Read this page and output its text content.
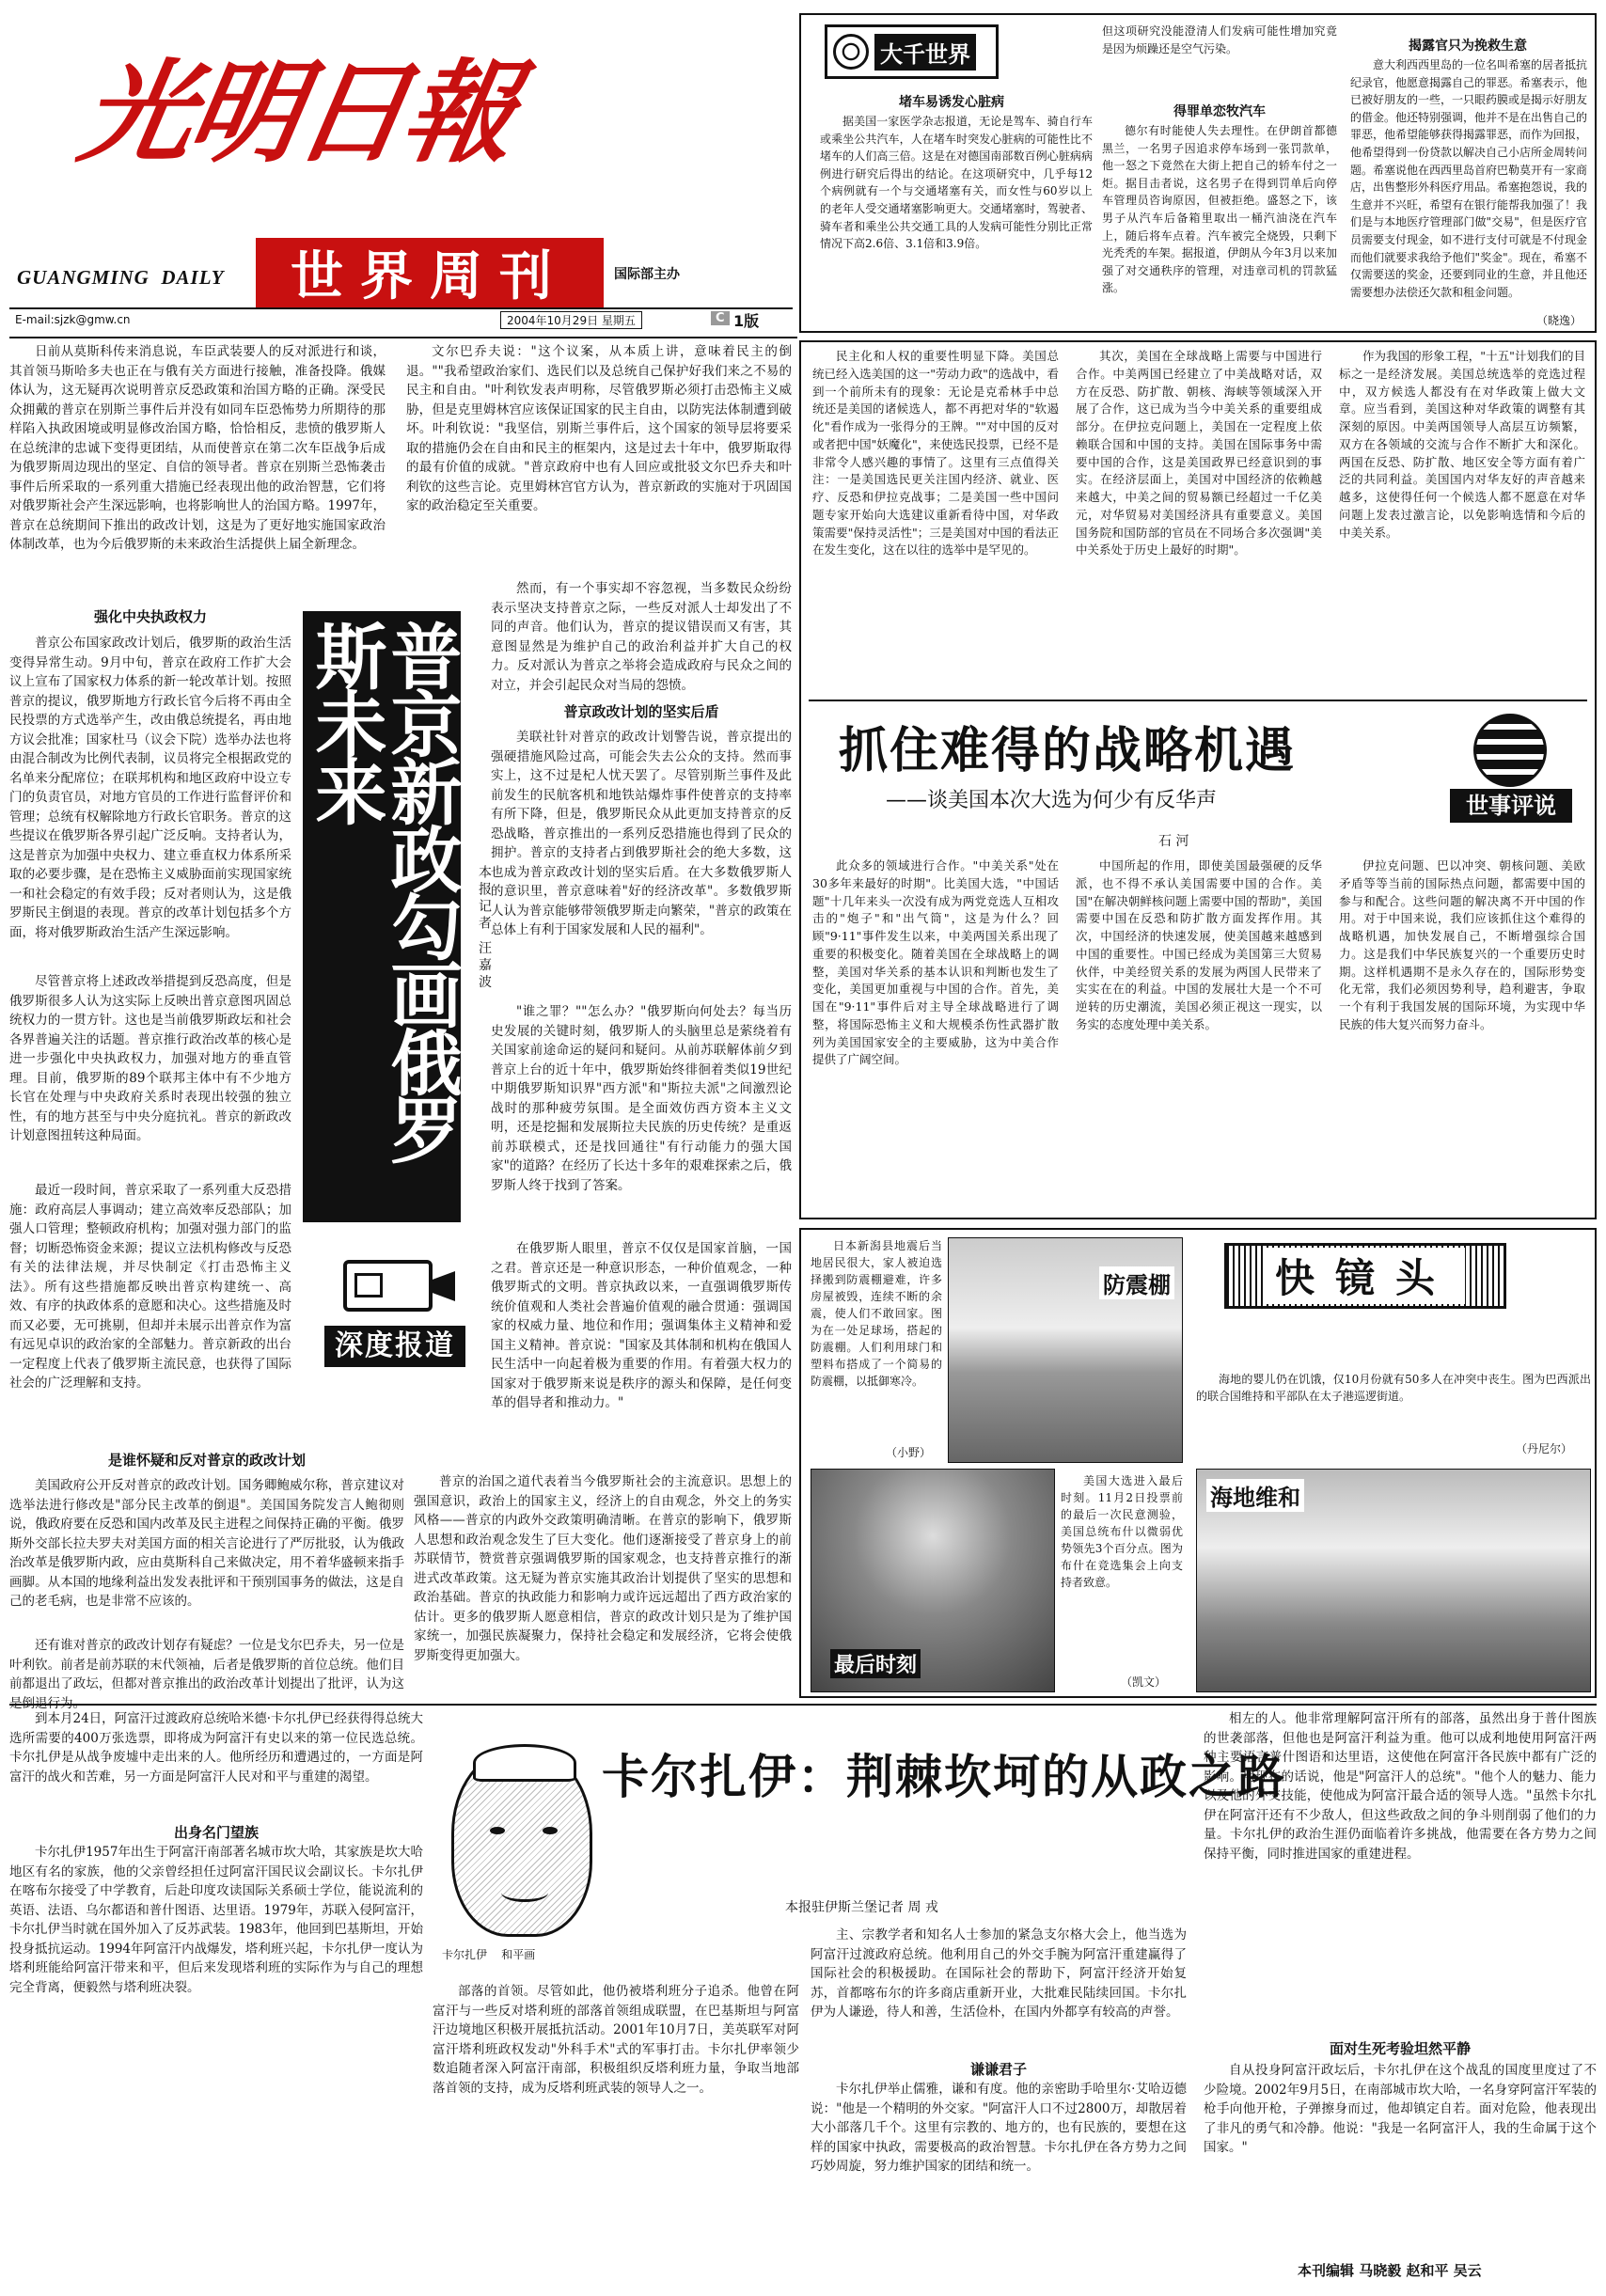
光明日報
GUANGMING  DAILY 世界周刊	国际部主办
E-mail:sjzk@gmw.cn	2004年10月29日 星期五	C 1版
大千世界
堵车易诱发心脏病
据美国一家医学杂志报道，无论是驾车、骑自行车或乘坐公共汽车，人在堵车时突发心脏病的可能性比不堵车的人们高三倍。这是在对德国南部数百例心脏病病例进行研究后得出的结论。在这项研究中，几乎每12个病例就有一个与交通堵塞有关，而女性与60岁以上的老年人受交通堵塞影响更大。交通堵塞时，驾驶者、骑车者和乘坐公共交通工具的人发病可能性分别比正常情况下高2.6倍、3.1倍和3.9倍。
但这项研究没能澄清人们发病可能性增加究竟是因为烦躁还是空气污染。
得罪单恋牧汽车
德尔有时能使人失去理性。在伊朗首都德黑兰，一名男子因追求停车场到一张罚款单，他一怒之下竟然在大街上把自己的轿车付之一炬。据目击者说，这名男子在得到罚单后向停车管理员咨询原因，但被拒绝。盛怒之下，该男子从汽车后备箱里取出一桶汽油浇在汽车上，随后将车点着。汽车被完全烧毁，只剩下光秃秃的车架。据报道，伊朗从今年3月以来加强了对交通秩序的管理，对违章司机的罚款猛涨。
揭露官只为挽救生意
意大利西西里岛的一位名叫希塞的居者抵抗纪录官，他愿意揭露自己的罪恶。希塞表示，他已被好朋友的一些，一只眼药膜或是揭示好朋友的借金。他还特别强调，他并不是在出售自己的罪恶，他希望能够获得揭露罪恶，而作为回报，他希望得到一份贷款以解决自己小店所金周转问题。希塞说他在西西里岛首府巴勒莫开有一家商店，出售整形外科医疗用品。希塞抱怨说，我的生意并不兴旺，希望有在银行能帮我加强了！我们是与本地医疗管理部门做"交易"，但是医疗官员需要支付现金，如不进行支付可就是不付现金而他们就要求我给予他们"奖金"。现在，希塞不仅需要送的奖金，还要到同业的生意，并且他还需要想办法偿还欠款和租金问题。
（晓逸）
日前从莫斯科传来消息说，车臣武装要人的反对派进行和谈，其首领马斯哈多夫也正在与俄有关方面进行接触，准备投降。俄媒体认为，这无疑再次说明普京反恐政策和治国方略的正确。深受民众拥戴的普京在别斯兰事件后并没有如同车臣恐怖势力所期待的那样陷入执政困境或明显修改治国方略，恰恰相反，悲愤的俄罗斯人在总统津的忠诚下变得更团结，从而使普京在第二次车臣战争后成为俄罗斯周边现出的坚定、自信的领导者。普京在别斯兰恐怖袭击事件后所采取的一系列重大措施已经表现出他的政治智慧，它们将对俄罗斯社会产生深远影响，也将影响世人的治国方略。1997年，普京在总统期间下推出的政改计划，这是为了更好地实施国家政治体制改革，也为今后俄罗斯的未来政治生活提供上届全新理念。
强化中央执政权力
普京公布国家政改计划后，俄罗斯的政治生活变得异常生动。9月中旬，普京在政府工作扩大会议上宣布了国家权力体系的新一轮改革计划。按照普京的提议，俄罗斯地方行政长官今后将不再由全民投票的方式选举产生，改由俄总统提名，再由地方议会批准；国家杜马（议会下院）选举办法也将由混合制改为比例代表制，议员将完全根据政党的名单来分配席位；在联邦机构和地区政府中设立专门的负责官员，对地方官员的工作进行监督评价和管理；总统有权解除地方行政长官职务。普京的这些提议在俄罗斯各界引起广泛反响。支持者认为，这是普京为加强中央权力、建立垂直权力体系所采取的必要步骤，是在恐怖主义威胁面前实现国家统一和社会稳定的有效手段；反对者则认为，这是俄罗斯民主倒退的表现。普京的改革计划包括多个方面，将对俄罗斯政治生活产生深远影响。
尽管普京将上述政改举措提到反恐高度，但是俄罗斯很多人认为这实际上反映出普京意图巩固总统权力的一贯方针。这也是当前俄罗斯政坛和社会各界普遍关注的话题。普京推行政治改革的核心是进一步强化中央执政权力，加强对地方的垂直管理。目前，俄罗斯的89个联邦主体中有不少地方长官在处理与中央政府关系时表现出较强的独立性，有的地方甚至与中央分庭抗礼。普京的新政改计划意图扭转这种局面。
最近一段时间，普京采取了一系列重大反恐措施：政府高层人事调动；建立高效率反恐部队；加强人口管理；整顿政府机构；加强对强力部门的监督；切断恐怖资金来源；提议立法机构修改与反恐有关的法律法规，并尽快制定《打击恐怖主义法》。所有这些措施都反映出普京构建统一、高效、有序的执政体系的意愿和决心。这些措施及时而又必要，无可挑剔，但却并未展示出普京作为富有远见卓识的政治家的全部魅力。普京新政的出台一定程度上代表了俄罗斯主流民意，也获得了国际社会的广泛理解和支持。
普京新政勾画俄罗斯未来
本报记者 汪嘉波
深度报道
是谁怀疑和反对普京的政改计划
美国政府公开反对普京的政改计划。国务卿鲍威尔称，普京建议对选举法进行修改是"部分民主改革的倒退"。美国国务院发言人鲍彻则说，俄政府要在反恐和国内改革及民主进程之间保持正确的平衡。俄罗斯外交部长拉夫罗夫对美国方面的相关言论进行了严厉批驳，认为俄政治改革是俄罗斯内政，应由莫斯科自己来做决定，用不着华盛顿来指手画脚。从本国的地缘利益出发发表批评和干预别国事务的做法，这是自己的老毛病，也是非常不应该的。
还有谁对普京的政改计划存有疑虑？一位是戈尔巴乔夫，另一位是叶利钦。前者是前苏联的末代领袖，后者是俄罗斯的首位总统。他们目前都退出了政坛，但都对普京推出的政治改革计划提出了批评，认为这
文尔巴乔夫说："这个议案，从本质上讲，意味着民主的倒退。""我希望政治家们、选民们以及总统自己保护好我们来之不易的民主和自由。"叶利钦发表声明称，尽管俄罗斯必须打击恐怖主义威胁，但是克里姆林宫应该保证国家的民主自由，以防宪法体制遭到破坏。叶利钦说："我坚信，别斯兰事件后，这个国家的领导层将要采取的措施仍会在自由和民主的框架内，这是过去十年中，俄罗斯取得的最有价值的成就。"普京政府中也有人回应或批驳文尔巴乔夫和叶利钦的这些言论。克里姆林宫官方认为，普京新政的实施对于巩固国家的政治稳定至关重要。
然而，有一个事实却不容忽视，当多数民众纷纷表示坚决支持普京之际，一些反对派人士却发出了不同的声音。他们认为，普京的提议错误而又有害，其意图显然是为维护自己的政治利益并扩大自己的权力。反对派认为普京之举将会造成政府与民众之间的对立，并会引起民众对当局的怨愤。
普京政改计划的坚实后盾
美联社针对普京的政改计划警告说，普京提出的强硬措施风险过高，可能会失去公众的支持。然而事实上，这不过是杞人忧天罢了。尽管别斯兰事件及此前发生的民航客机和地铁站爆炸事件使普京的支持率有所下降，但是，俄罗斯民众从此更加支持普京的反恐战略，普京推出的一系列反恐措施也得到了民众的拥护。普京的支持者占到俄罗斯社会的绝大多数，这也成为普京政改计划的坚实后盾。在大多数俄罗斯人的意识里，普京意味着"好的经济改革"。多数俄罗斯人认为普京能够带领俄罗斯走向繁荣，"普京的政策在总体上有利于国家发展和人民的福利"。
"谁之罪？""怎么办？"俄罗斯向何处去？每当历史发展的关键时刻，俄罗斯人的头脑里总是萦绕着有关国家前途命运的疑问和疑问。从前苏联解体前夕到普京上台的近十年中，俄罗斯始终徘徊着类似19世纪中期俄罗斯知识界"西方派"和"斯拉夫派"之间激烈论战时的那种疲劳氛围。是全面效仿西方资本主义文明，还是挖掘和发展斯拉夫民族的历史传统？是重返前苏联模式，还是找回通往"有行动能力的强大国家"的道路？在经历了长达十多年的艰难探索之后，俄罗斯人终于找到了答案。
在俄罗斯人眼里，普京不仅仅是国家首脑，一国之君。普京还是一种意识形态，一种价值观念，一种俄罗斯式的文明。普京执政以来，一直强调俄罗斯传统价值观和人类社会普遍价值观的融合贯通：强调国家的权威力量、地位和作用；强调集体主义精神和爱国主义精神。普京说："国家及其体制和机构在俄国人民生活中一向起着极为重要的作用。有着强大权力的国家对于俄罗斯来说是秩序的源头和保障，是任何变革的倡导者和推动力。"
普京的治国之道代表着当今俄罗斯社会的主流意识。思想上的强国意识，政治上的国家主义，经济上的自由观念，外交上的务实风格——普京的内政外交政策明确清晰。在普京的影响下，俄罗斯人思想和政治观念发生了巨大变化。他们逐渐接受了普京身上的前苏联情节，赞赏普京强调俄罗斯的国家观念，也支持普京推行的渐进式改革政策。这无疑为普京实施其政治计划提供了坚实的思想和政治基础。普京的执政能力和影响力或许远远超出了西方政治家的估计。更多的俄罗斯人愿意相信，普京的政改计划只是为了维护国家统一，加强民族凝聚力，保持社会稳定和发展经济，它将会使俄罗斯变得更加强大。
民主化和人权的重要性明显下降。美国总统已经入选美国的这一"劳动力政"的选战中，看到一个前所未有的现象：无论是克希林手中总统还是美国的诸候选人，都不再把对华的"软遏化"看作成为一张得分的王牌。""对中国的反对或者把中国"妖魔化"，来使选民投票，已经不是非常令人感兴趣的事情了。这里有三点值得关注：一是美国选民更关注国内经济、就业、医疗、反恐和伊拉克战事；二是美国一些中国问题专家开始向大选建议重新看待中国，对华政策需要"保持灵活性"；三是美国对中国的看法正在发生变化，这在以往的选举中是罕见的。
其次，美国在全球战略上需要与中国进行合作。中美两国已经建立了中美战略对话，双方在反恐、防扩散、朝核、海峡等领域深入开展了合作，这已成为当今中美关系的重要组成部分。在伊拉克问题上，美国在一定程度上依赖联合国和中国的支持。美国在国际事务中需要中国的合作，这是美国政界已经意识到的事实。在经济层面上，美国对中国经济的依赖越来越大，中美之间的贸易额已经超过一千亿美元，对华贸易对美国经济具有重要意义。美国国务院和国防部的官员在不同场合多次强调"美中关系处于历史上最好的时期"。
作为我国的形象工程，"十五"计划我们的目标之一是经济发展。美国总统选举的竞选过程中，双方候选人都没有在对华政策上做大文章。应当看到，美国这种对华政策的调整有其深刻的原因。中美两国领导人高层互访频繁，双方在各领域的交流与合作不断扩大和深化。两国在反恐、防扩散、地区安全等方面有着广泛的共同利益。美国国内对华友好的声音越来越多，这使得任何一个候选人都不愿意在对华问题上发表过激言论，以免影响选情和今后的中美关系。
抓住难得的战略机遇
——谈美国本次大选为何少有反华声	世事评说
石 河
此众多的领域进行合作。"中美关系"处在30多年来最好的时期"。比美国大选，"中国话题"十几年来头一次没有成为两党竞选人互相攻击的"炮子"和"出气筒"，这是为什么？回顾"9·11"事件发生以来，中美两国关系出现了重要的积极变化。随着美国在全球战略上的调整，美国对华关系的基本认识和判断也发生了变化，美国更加重视与中国的合作。首先，美国在"9·11"事件后对主导全球战略进行了调整，将国际恐怖主义和大规模杀伤性武器扩散列为美国国家安全的主要威胁，这为中美合作提供了广阔空间。
中国所起的作用，即使美国最强硬的反华派，也不得不承认美国需要中国的合作。美国"在解决朝鲜核问题上需要中国的帮助"，美国需要中国在反恐和防扩散方面发挥作用。其次，中国经济的快速发展，使美国越来越感到中国的重要性。中国已经成为美国第三大贸易伙伴，中美经贸关系的发展为两国人民带来了实实在在的利益。中国的发展壮大是一个不可逆转的历史潮流，美国必须正视这一现实，以务实的态度处理中美关系。
伊拉克问题、巴以冲突、朝核问题、美欧矛盾等等当前的国际热点问题，都需要中国的参与和配合。这些问题的解决离不开中国的作用。对于中国来说，我们应该抓住这个难得的战略机遇，加快发展自己，不断增强综合国力。这是我们中华民族复兴的一个重要历史时期。这样机遇期不是永久存在的，国际形势变化无常，我们必须因势利导，趋利避害，争取一个有利于我国发展的国际环境，为实现中华民族的伟大复兴而努力奋斗。
日本新潟县地震后当地居民很大，家人被迫选择搬到防震棚避难，许多房屋被毁，连续不断的余震，使人们不敢回家。图为在一处足球场，搭起的防震棚。人们利用球门和塑料布搭成了一个简易的防震棚，以抵御寒冷。
（小野）
防震棚	快镜头
海地的婴儿仍在饥饿，仅10月份就有50多人在冲突中丧生。图为巴西派出的联合国维持和平部队在太子港巡逻街道。
（丹尼尔）
最后时刻
美国大选进入最后时刻。11月2日投票前的最后一次民意测验，美国总统布什以微弱优势领先3个百分点。图为布什在竞选集会上向支持者致意。
（凯文）
海地维和
到本月24日，阿富汗过渡政府总统哈米德·卡尔扎伊已经获得得总统大选所需要的400万张选票，即将成为阿富汗有史以来的第一位民选总统。卡尔扎伊是从战争废墟中走出来的人。他所经历和遭遇过的，一方面是阿富汗的战火和苦难，另一方面是阿富汗人民对和平与重建的渴望。
出身名门望族
卡尔扎伊1957年出生于阿富汗南部著名城市坎大哈，其家族是坎大哈地区有名的家族，他的父亲曾经担任过阿富汗国民议会副议长。卡尔扎伊在喀布尔接受了中学教育，后赴印度攻读国际关系硕士学位，能说流利的英语、法语、乌尔都语和普什图语、达里语。1979年，苏联入侵阿富汗，卡尔扎伊当时就在国外加入了反苏武装。1983年，他回到巴基斯坦，开始投身抵抗运动。1994年阿富汗内战爆发，塔利班兴起，卡尔扎伊一度认为塔利班能给阿富汗带来和平，但后来发现塔利班的实际作为与自己的理想完全背离，便毅然与塔利班决裂。
卡尔扎伊：荆棘坎坷的从政之路
本报驻伊斯兰堡记者 周 戎
卡尔扎伊    和平画
部落的首领。尽管如此，他仍被塔利班分子追杀。他曾在阿富汗与一些反对塔利班的部落首领组成联盟，在巴基斯坦与阿富汗边境地区积极开展抵抗活动。2001年10月7日，美英联军对阿富汗塔利班政权发动"外科手术"式的军事打击。卡尔扎伊率领少数追随者深入阿富汗南部，积极组织反塔利班力量，争取当地部落首领的支持，成为反塔利班武装的领导人之一。
主、宗教学者和知名人士参加的紧急支尔格大会上，他当选为阿富汗过渡政府总统。他利用自己的外交手腕为阿富汗重建赢得了国际社会的积极援助。在国际社会的帮助下，阿富汗经济开始复苏，首都喀布尔的许多商店重新开业，大批难民陆续回国。卡尔扎伊为人谦逊，待人和善，生活俭朴，在国内外都享有较高的声誉。
谦谦君子
卡尔扎伊举止儒雅，谦和有度。他的亲密助手哈里尔·艾哈迈德说："他是一个精明的外交家。"阿富汗人口不过2800万，却散居着大小部落几千个。这里有宗教的、地方的，也有民族的，要想在这样的国家中执政，需要极高的政治智慧。卡尔扎伊在各方势力之间巧妙周旋，努力维护国家的团结和统一。
相左的人。他非常理解阿富汗所有的部落，虽然出身于普什图族的世袭部落，但他也是阿富汗利益为重。他可以成利地使用阿富汗两种主要语言普什图语和达里语，这使他在阿富汗各民族中都有广泛的影响。用现在的话说，他是"阿富汗人的总统"。"他个人的魅力、能力以及他的外交技能，使他成为阿富汗最合适的领导人选。"虽然卡尔扎伊在阿富汗还有不少敌人，但这些政敌之间的争斗则削弱了他们的力量。卡尔扎伊的政治生涯仍面临着许多挑战，他需要在各方势力之间保持平衡，同时推进国家的重建进程。
面对生死考验坦然平静
自从投身阿富汗政坛后，卡尔扎伊在这个战乱的国度里度过了不少险境。2002年9月5日，在南部城市坎大哈，一名身穿阿富汗军装的枪手向他开枪，子弹擦身而过，他却镇定自若。面对危险，他表现出了非凡的勇气和冷静。他说："我是一名阿富汗人，我的生命属于这个国家。"
本刊编辑 马晓毅 赵和平 吴云
